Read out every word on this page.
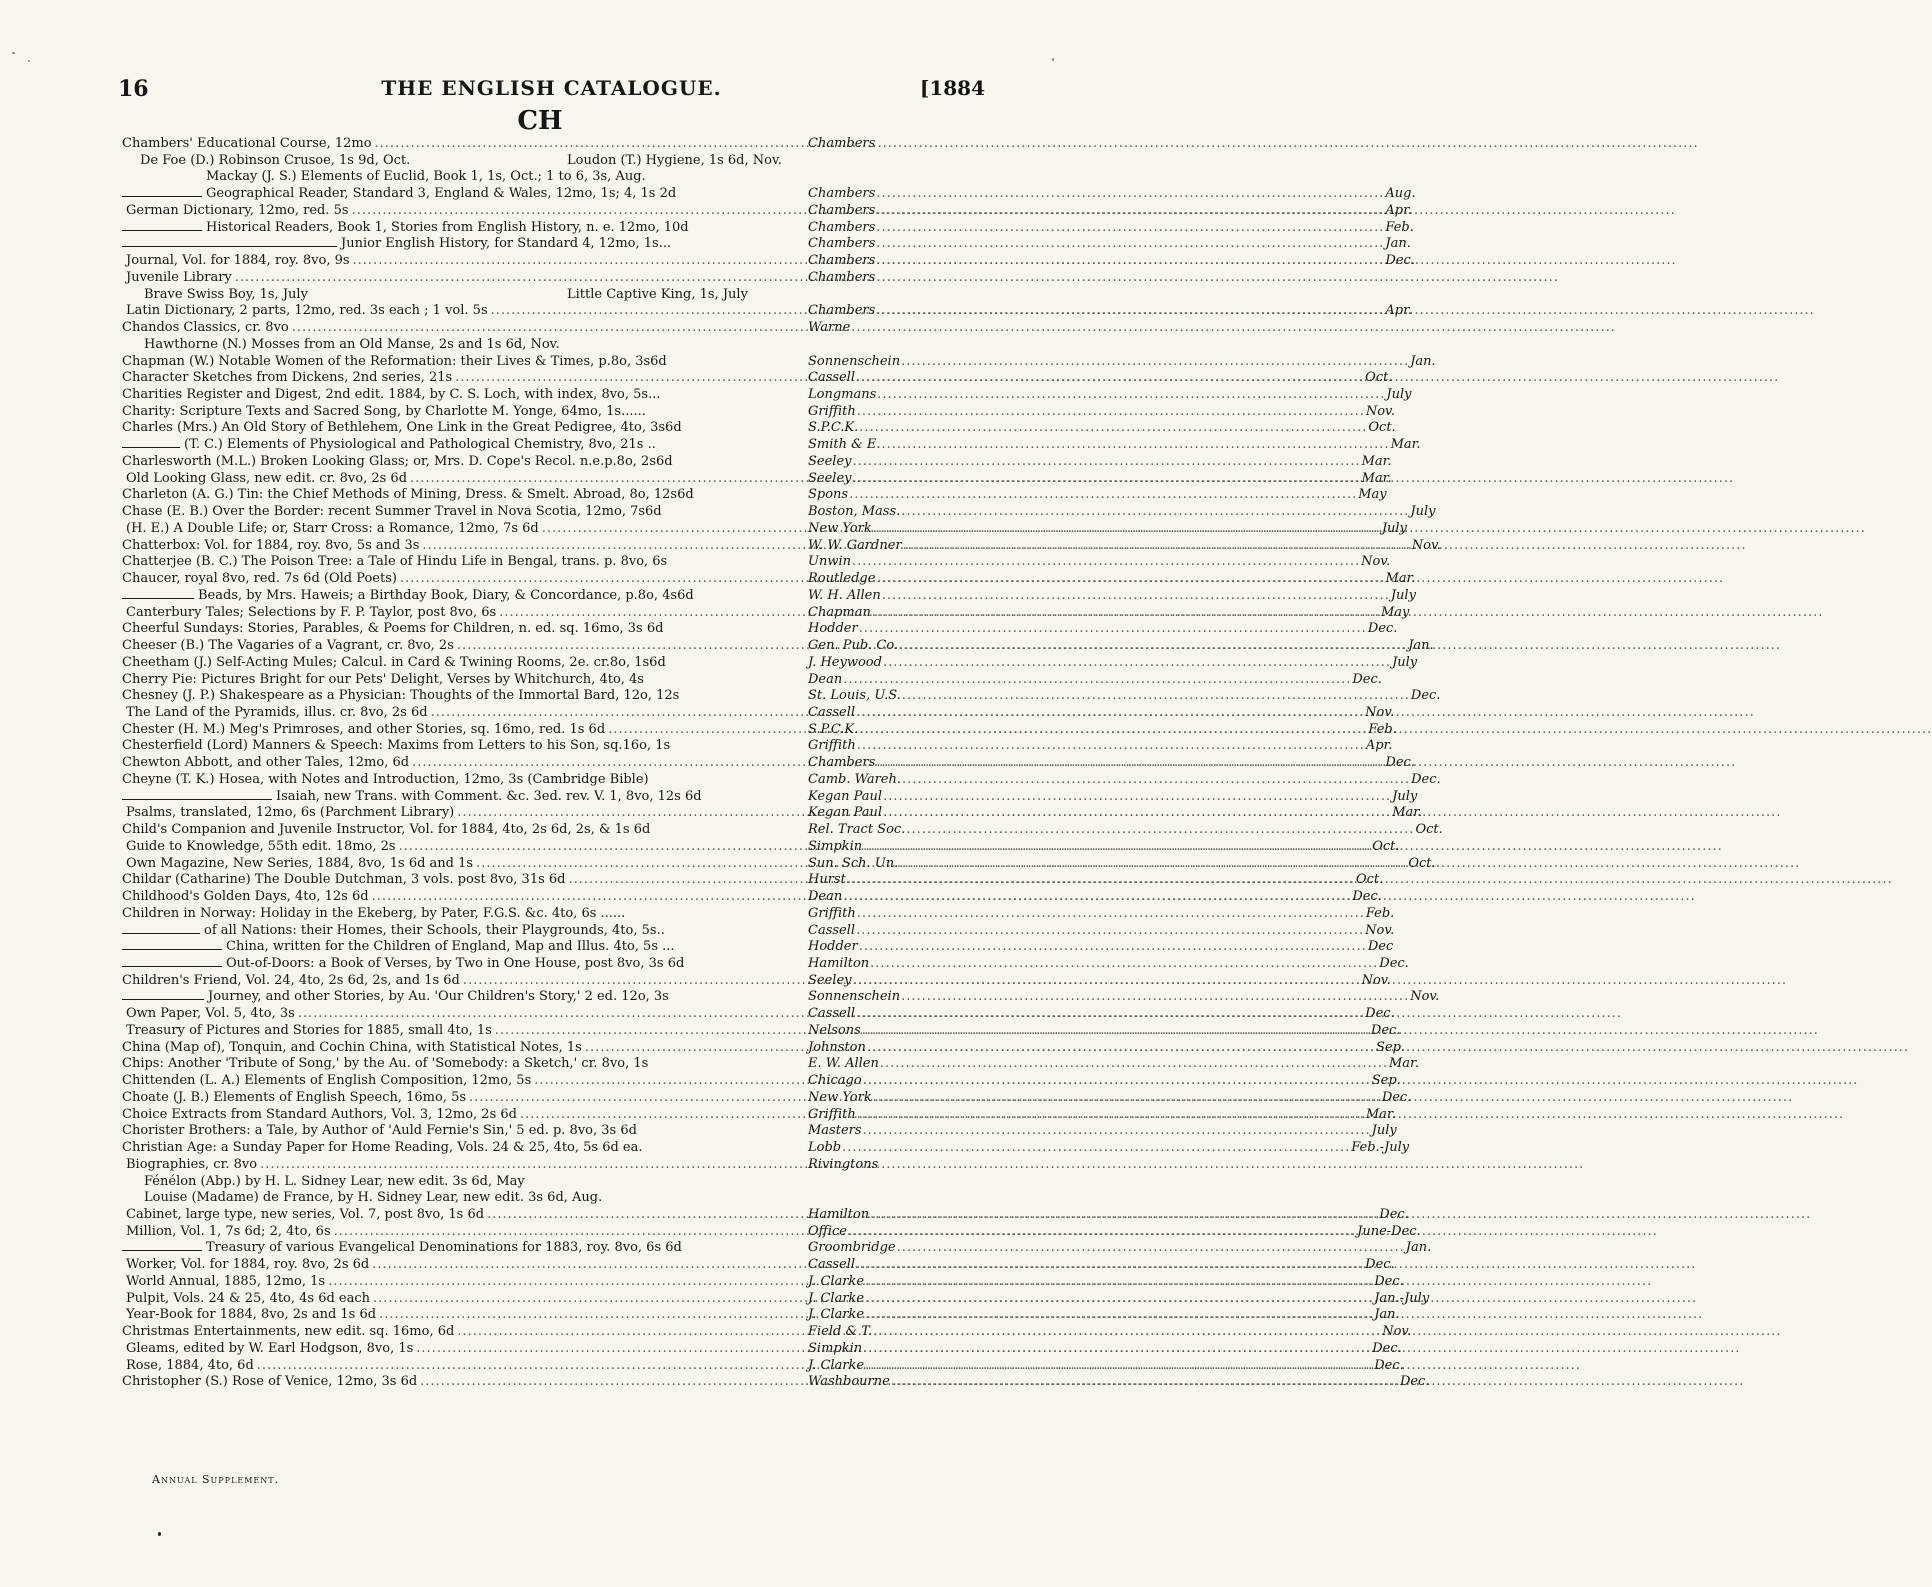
16	THE ENGLISH CATALOGUE.	[1884
CH
Chambers' Educational Course, 12mo .....	Chambers
De Foe (D.) Robinson Crusoe, 1s 9d, Oct.	Loudon (T.) Hygiene, 1s 6d, Nov.
Mackay (J. S.) Elements of Euclid, Book 1, 1s, Oct.; 1 to 6, 3s, Aug.
Geographical Reader, Standard 3, England & Wales, 12mo, 1s; 4, 1s 2d	Chambers .....	Aug.
German Dictionary, 12mo, red. 5s .....	Chambers .....	Apr.
Historical Readers, Book 1, Stories from English History, n. e. 12mo, 10d	Chambers .....	Feb.
Junior English History, for Standard 4, 12mo, 1s...	Chambers .....	Jan.
Journal, Vol. for 1884, roy. 8vo, 9s .....	Chambers .....	Dec.
Juvenile Library .....	Chambers
Brave Swiss Boy, 1s, July	Little Captive King, 1s, July
Latin Dictionary, 2 parts, 12mo, red. 3s each ; 1 vol. 5s .....	Chambers .....	Apr.
Chandos Classics, cr. 8vo .....	Warne
Hawthorne (N.) Mosses from an Old Manse, 2s and 1s 6d, Nov.
Chapman (W.) Notable Women of the Reformation: their Lives & Times, p.8o, 3s6d	Sonnenschein .....	Jan.
Character Sketches from Dickens, 2nd series, 21s .....	Cassell .....	Oct.
Charities Register and Digest, 2nd edit. 1884, by C. S. Loch, with index, 8vo, 5s...	Longmans .....	July
Charity: Scripture Texts and Sacred Song, by Charlotte M. Yonge, 64mo, 1s......	Griffith .....	Nov.
Charles (Mrs.) An Old Story of Bethlehem, One Link in the Great Pedigree, 4to, 3s6d	S.P.C.K. .....	Oct.
(T. C.) Elements of Physiological and Pathological Chemistry, 8vo, 21s ..	Smith & E. .....	Mar.
Charlesworth (M.L.) Broken Looking Glass; or, Mrs. D. Cope's Recol. n.e.p.8o, 2s6d	Seeley .....	Mar.
Old Looking Glass, new edit. cr. 8vo, 2s 6d .....	Seeley .....	Mar.
Charleton (A. G.) Tin: the Chief Methods of Mining, Dress. & Smelt. Abroad, 8o, 12s6d	Spons .....	May
Chase (E. B.) Over the Border: recent Summer Travel in Nova Scotia, 12mo, 7s6d	Boston, Mass. .....	July
(H. E.) A Double Life; or, Starr Cross: a Romance, 12mo, 7s 6d .....	New York .....	July
Chatterbox: Vol. for 1884, roy. 8vo, 5s and 3s .....	W. W. Gardner .....	Nov.
Chatterjee (B. C.) The Poison Tree: a Tale of Hindu Life in Bengal, trans. p. 8vo, 6s	Unwin .....	Nov.
Chaucer, royal 8vo, red. 7s 6d (Old Poets) .....	Routledge .....	Mar.
Beads, by Mrs. Haweis; a Birthday Book, Diary, & Concordance, p.8o, 4s6d	W. H. Allen .....	July
Canterbury Tales; Selections by F. P. Taylor, post 8vo, 6s .....	Chapman .....	May
Cheerful Sundays: Stories, Parables, & Poems for Children, n. ed. sq. 16mo, 3s 6d	Hodder .....	Dec.
Cheeser (B.) The Vagaries of a Vagrant, cr. 8vo, 2s .....	Gen. Pub. Co. .....	Jan.
Cheetham (J.) Self-Acting Mules; Calcul. in Card & Twining Rooms, 2e. cr.8o, 1s6d	J. Heywood .....	July
Cherry Pie: Pictures Bright for our Pets' Delight, Verses by Whitchurch, 4to, 4s	Dean .....	Dec.
Chesney (J. P.) Shakespeare as a Physician: Thoughts of the Immortal Bard, 12o, 12s	St. Louis, U.S. .....	Dec.
The Land of the Pyramids, illus. cr. 8vo, 2s 6d .....	Cassell .....	Nov.
Chester (H. M.) Meg's Primroses, and other Stories, sq. 16mo, red. 1s 6d .....	S.P.C.K. .....	Feb.
Chesterfield (Lord) Manners & Speech: Maxims from Letters to his Son, sq.16o, 1s	Griffith .....	Apr.
Chewton Abbott, and other Tales, 12mo, 6d .....	Chambers .....	Dec.
Cheyne (T. K.) Hosea, with Notes and Introduction, 12mo, 3s (Cambridge Bible)	Camb. Wareh. .....	Dec.
Isaiah, new Trans. with Comment. &c. 3ed. rev. V. 1, 8vo, 12s 6d	Kegan Paul .....	July
Psalms, translated, 12mo, 6s (Parchment Library) .....	Kegan Paul .....	Mar.
Child's Companion and Juvenile Instructor, Vol. for 1884, 4to, 2s 6d, 2s, & 1s 6d	Rel. Tract Soc. .....	Oct.
Guide to Knowledge, 55th edit. 18mo, 2s .....	Simpkin .....	Oct.
Own Magazine, New Series, 1884, 8vo, 1s 6d and 1s .....	Sun. Sch. Un. .....	Oct.
Childar (Catharine) The Double Dutchman, 3 vols. post 8vo, 31s 6d .....	Hurst .....	Oct.
Childhood's Golden Days, 4to, 12s 6d .....	Dean .....	Dec.
Children in Norway: Holiday in the Ekeberg, by Pater, F.G.S. &c. 4to, 6s ......	Griffith .....	Feb.
of all Nations: their Homes, their Schools, their Playgrounds, 4to, 5s..	Cassell .....	Nov.
China, written for the Children of England, Map and Illus. 4to, 5s ...	Hodder .....	Dec
Out-of-Doors: a Book of Verses, by Two in One House, post 8vo, 3s 6d	Hamilton .....	Dec.
Children's Friend, Vol. 24, 4to, 2s 6d, 2s, and 1s 6d .....	Seeley .....	Nov.
Journey, and other Stories, by Au. 'Our Children's Story,' 2 ed. 12o, 3s	Sonnenschein .....	Nov.
Own Paper, Vol. 5, 4to, 3s .....	Cassell .....	Dec.
Treasury of Pictures and Stories for 1885, small 4to, 1s .....	Nelsons .....	Dec.
China (Map of), Tonquin, and Cochin China, with Statistical Notes, 1s .....	Johnston .....	Sep.
Chips: Another 'Tribute of Song,' by the Au. of 'Somebody: a Sketch,' cr. 8vo, 1s	E. W. Allen .....	Mar.
Chittenden (L. A.) Elements of English Composition, 12mo, 5s .....	Chicago .....	Sep.
Choate (J. B.) Elements of English Speech, 16mo, 5s .....	New York .....	Dec.
Choice Extracts from Standard Authors, Vol. 3, 12mo, 2s 6d .....	Griffith .....	Mar.
Chorister Brothers: a Tale, by Author of 'Auld Fernie's Sin,' 5 ed. p. 8vo, 3s 6d	Masters .....	July
Christian Age: a Sunday Paper for Home Reading, Vols. 24 & 25, 4to, 5s 6d ea.	Lobb .....	Feb.-July
Biographies, cr. 8vo .....	Rivingtons
Fénélon (Abp.) by H. L. Sidney Lear, new edit. 3s 6d, May
Louise (Madame) de France, by H. Sidney Lear, new edit. 3s 6d, Aug.
Cabinet, large type, new series, Vol. 7, post 8vo, 1s 6d .....	Hamilton .....	Dec.
Million, Vol. 1, 7s 6d; 2, 4to, 6s .....	Office .....	June-Dec.
Treasury of various Evangelical Denominations for 1883, roy. 8vo, 6s 6d	Groombridge .....	Jan.
Worker, Vol. for 1884, roy. 8vo, 2s 6d .....	Cassell .....	Dec.
World Annual, 1885, 12mo, 1s .....	J. Clarke .....	Dec.
Pulpit, Vols. 24 & 25, 4to, 4s 6d each .....	J. Clarke .....	Jan.-July
Year-Book for 1884, 8vo, 2s and 1s 6d .....	J. Clarke .....	Jan.
Christmas Entertainments, new edit. sq. 16mo, 6d .....	Field & T. .....	Nov.
Gleams, edited by W. Earl Hodgson, 8vo, 1s .....	Simpkin .....	Dec.
Rose, 1884, 4to, 6d .....	J. Clarke .....	Dec.
Christopher (S.) Rose of Venice, 12mo, 3s 6d .....	Washbourne .....	Dec.
Annual Supplement.
